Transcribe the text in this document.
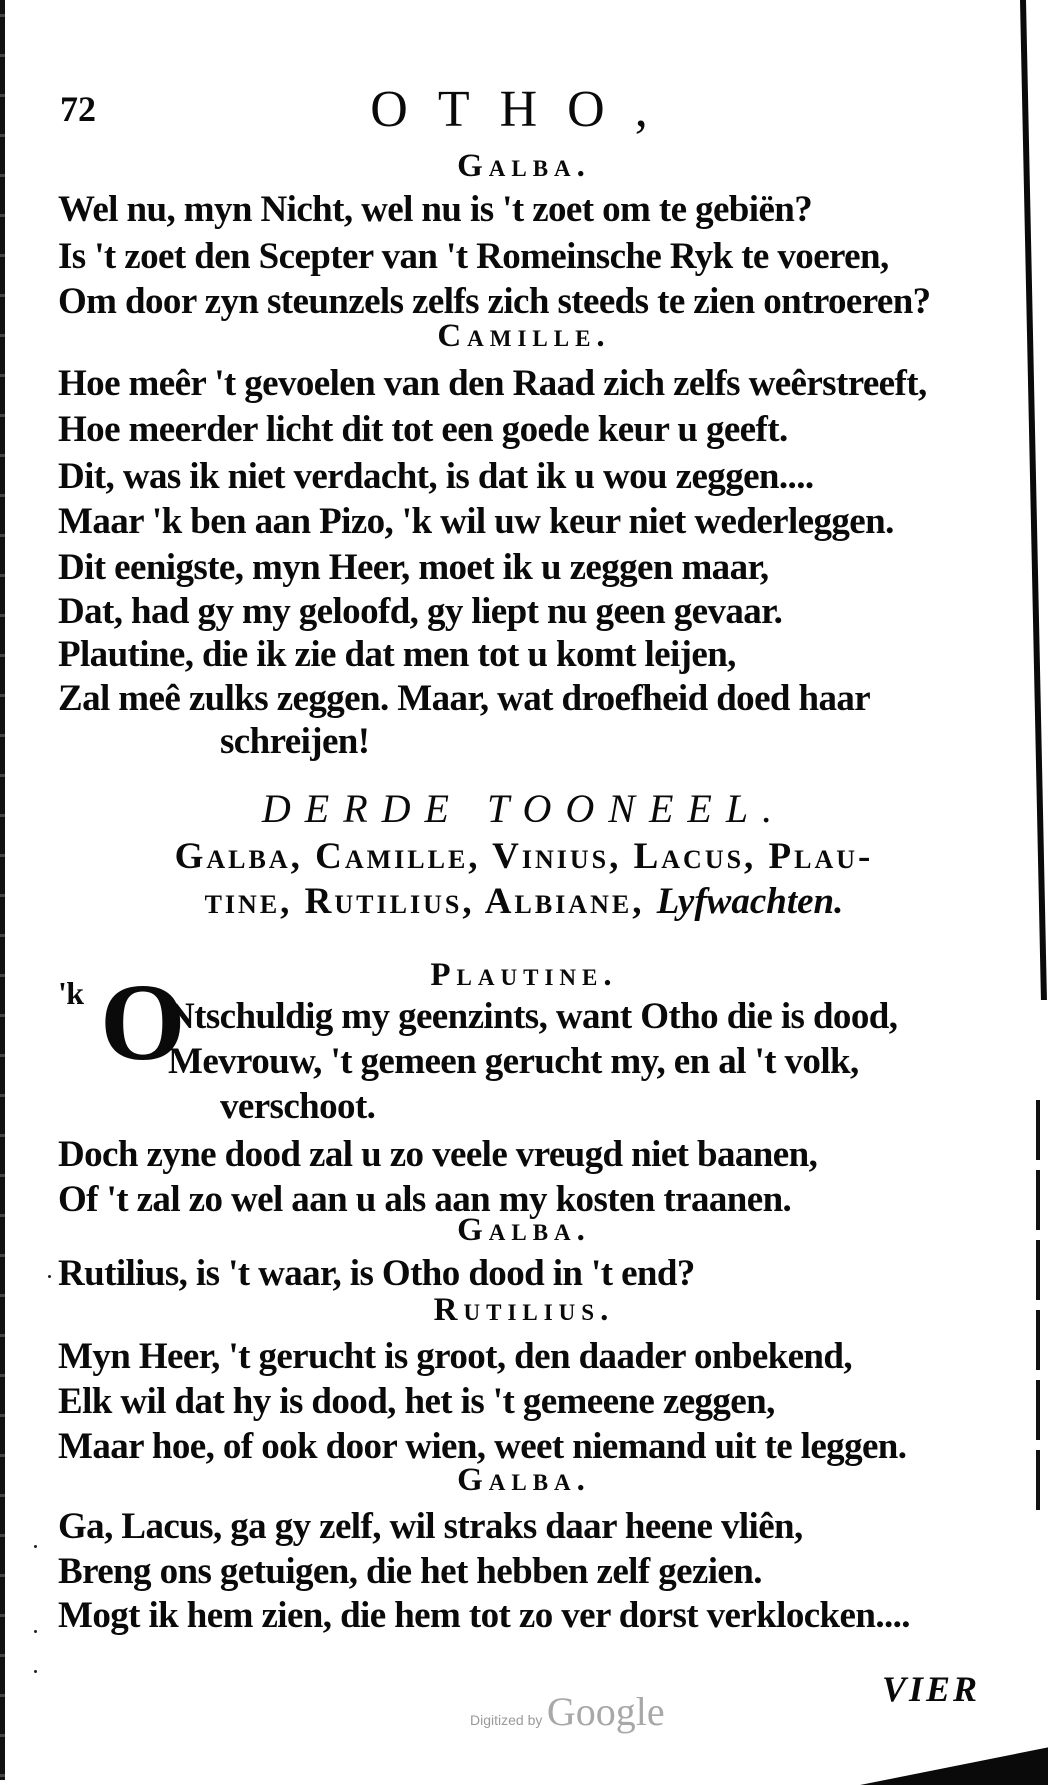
72	OTHO,
Galba.
Wel nu, myn Nicht, wel nu is 't zoet om te gebiën?
Is 't zoet den Scepter van 't Romeinsche Ryk te voeren,
Om door zyn steunzels zelfs zich steeds te zien ontroeren?
Camille.
Hoe meêr 't gevoelen van den Raad zich zelfs weêrstreeft,
Hoe meerder licht dit tot een goede keur u geeft.
Dit, was ik niet verdacht, is dat ik u wou zeggen....
Maar 'k ben aan Pizo, 'k wil uw keur niet wederleggen.
Dit eenigste, myn Heer, moet ik u zeggen maar,
Dat, had gy my geloofd, gy liept nu geen gevaar.
Plautine, die ik zie dat men tot u komt leijen,
Zal meê zulks zeggen. Maar, wat droefheid doed haar
schreijen!
DERDE TOONEEL.
Galba, Camille, Vinius, Lacus, Plau-
tine, Rutilius, Albiane, Lyfwachten.
Plautine.
'k O
Ntschuldig my geenzints, want Otho die is dood,
Mevrouw, 't gemeen gerucht my, en al 't volk,
verschoot.
Doch zyne dood zal u zo veele vreugd niet baanen,
Of 't zal zo wel aan u als aan my kosten traanen.
Galba.
Rutilius, is 't waar, is Otho dood in 't end?
Rutilius.
Myn Heer, 't gerucht is groot, den daader onbekend,
Elk wil dat hy is dood, het is 't gemeene zeggen,
Maar hoe, of ook door wien, weet niemand uit te leggen.
Galba.
Ga, Lacus, ga gy zelf, wil straks daar heene vliên,
Breng ons getuigen, die het hebben zelf gezien.
Mogt ik hem zien, die hem tot zo ver dorst verklocken....
VIER
Digitized by Google
